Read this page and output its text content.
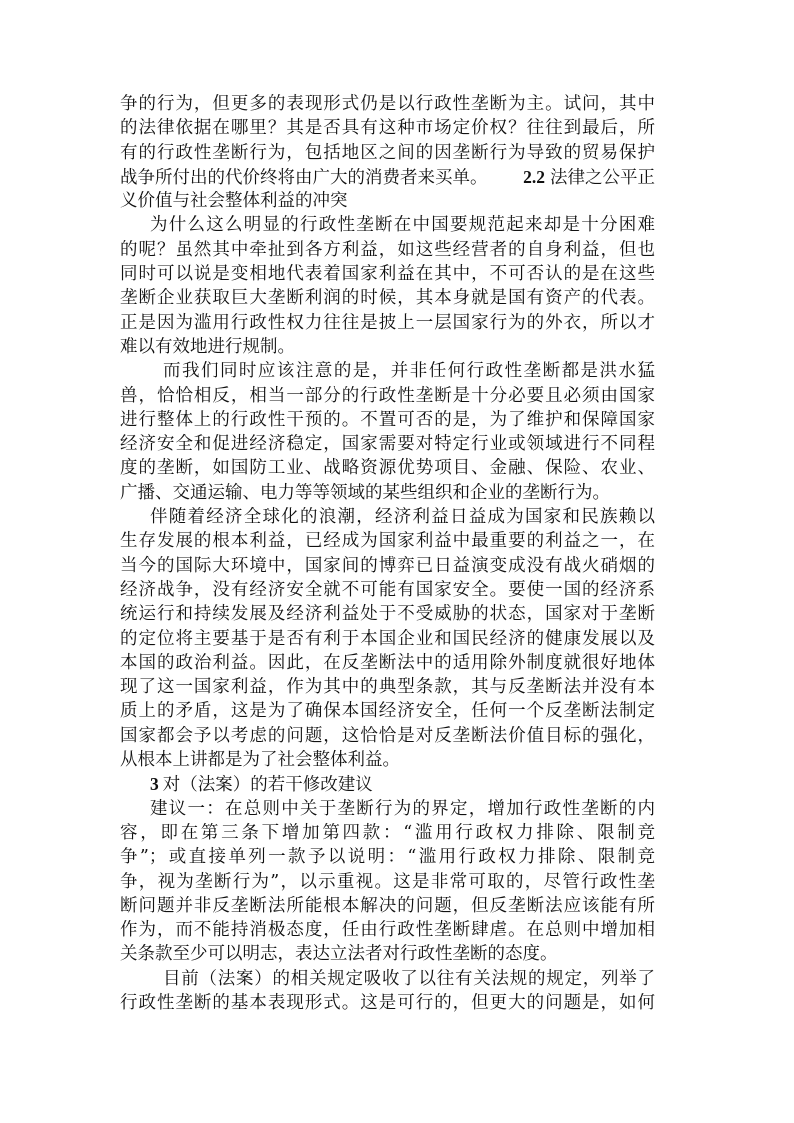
争的行为，但更多的表现形式仍是以行政性垄断为主。试问，其中
的法律依据在哪里？其是否具有这种市场定价权？往往到最后，所
有的行政性垄断行为，包括地区之间的因垄断行为导致的贸易保护
战争所付出的代价终将由广大的消费者来买单。 2.2 法律之公平正
义价值与社会整体利益的冲突
为什么这么明显的行政性垄断在中国要规范起来却是十分困难
的呢？虽然其中牵扯到各方利益，如这些经营者的自身利益，但也
同时可以说是变相地代表着国家利益在其中，不可否认的是在这些
垄断企业获取巨大垄断利润的时候，其本身就是国有资产的代表。
正是因为滥用行政性权力往往是披上一层国家行为的外衣，所以才
难以有效地进行规制。
而我们同时应该注意的是，并非任何行政性垄断都是洪水猛
兽，恰恰相反，相当一部分的行政性垄断是十分必要且必须由国家
进行整体上的行政性干预的。不置可否的是，为了维护和保障国家
经济安全和促进经济稳定，国家需要对特定行业或领域进行不同程
度的垄断，如国防工业、战略资源优势项目、金融、保险、农业、
广播、交通运输、电力等等领域的某些组织和企业的垄断行为。
伴随着经济全球化的浪潮，经济利益日益成为国家和民族赖以
生存发展的根本利益，已经成为国家利益中最重要的利益之一，在
当今的国际大环境中，国家间的博弈已日益演变成没有战火硝烟的
经济战争，没有经济安全就不可能有国家安全。要使一国的经济系
统运行和持续发展及经济利益处于不受威胁的状态，国家对于垄断
的定位将主要基于是否有利于本国企业和国民经济的健康发展以及
本国的政治利益。因此，在反垄断法中的适用除外制度就很好地体
现了这一国家利益，作为其中的典型条款，其与反垄断法并没有本
质上的矛盾，这是为了确保本国经济安全，任何一个反垄断法制定
国家都会予以考虑的问题，这恰恰是对反垄断法价值目标的强化，
从根本上讲都是为了社会整体利益。
3 对（法案）的若干修改建议
建议一：在总则中关于垄断行为的界定，增加行政性垄断的内
容，即在第三条下增加第四款：“滥用行政权力排除、限制竞
争”；或直接单列一款予以说明：“滥用行政权力排除、限制竞
争，视为垄断行为”，以示重视。这是非常可取的，尽管行政性垄
断问题并非反垄断法所能根本解决的问题，但反垄断法应该能有所
作为，而不能持消极态度，任由行政性垄断肆虐。在总则中增加相
关条款至少可以明志，表达立法者对行政性垄断的态度。
目前（法案）的相关规定吸收了以往有关法规的规定，列举了
行政性垄断的基本表现形式。这是可行的，但更大的问题是，如何
